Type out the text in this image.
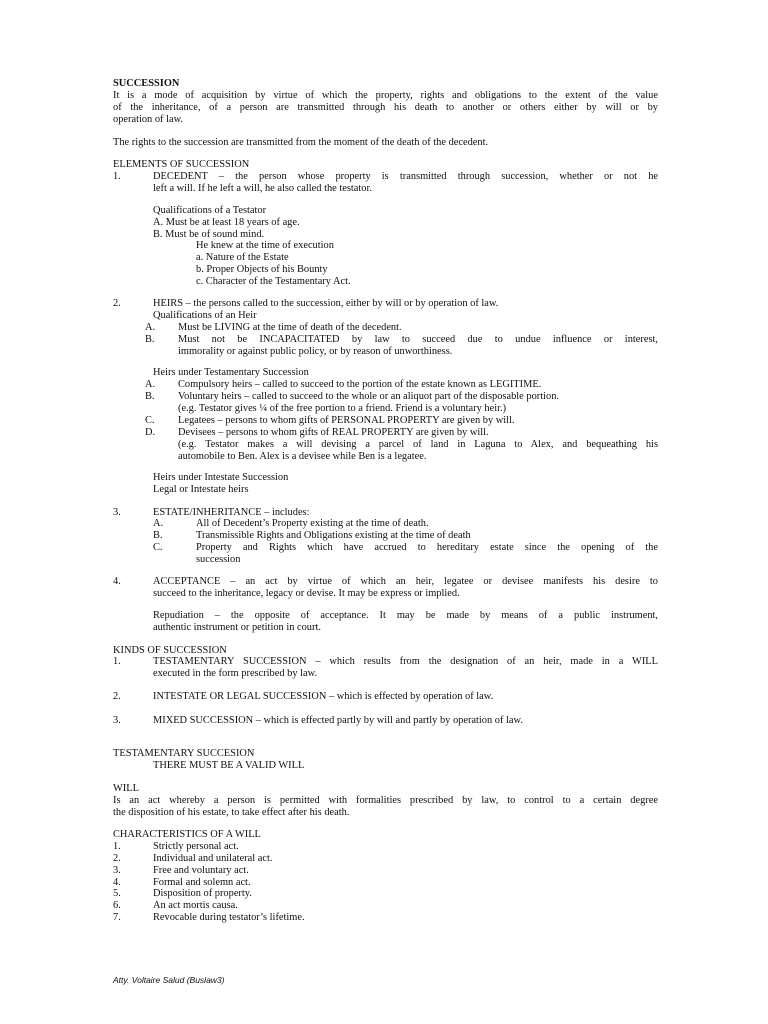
SUCCESSION
It is a mode of acquisition by virtue of which the property, rights and obligations to the extent of the value
of the inheritance, of a person are transmitted through his death to another or others either by will or by
operation of law.
The rights to the succession are transmitted from the moment of the death of the decedent.
ELEMENTS OF SUCCESSION
1.	DECEDENT – the person whose property is transmitted through succession, whether or not he
left a will. If he left a will, he also called the testator.
Qualifications of a Testator
A. Must be at least 18 years of age.
B. Must be of sound mind.
He knew at the time of execution
a. Nature of the Estate
b. Proper Objects of his Bounty
c. Character of the Testamentary Act.
2.	HEIRS – the persons called to the succession, either by will or by operation of law.
Qualifications of an Heir
A. Must be LIVING at the time of death of the decedent.
B. Must not be INCAPACITATED by law to succeed due to undue influence or interest,
immorality or against public policy, or by reason of unworthiness.
Heirs under Testamentary Succession
A. Compulsory heirs – called to succeed to the portion of the estate known as LEGITIME.
B. Voluntary heirs – called to succeed to the whole or an aliquot part of the disposable portion.
(e.g. Testator gives ¼ of the free portion to a friend. Friend is a voluntary heir.)
C. Legatees – persons to whom gifts of PERSONAL PROPERTY are given by will.
D. Devisees – persons to whom gifts of REAL PROPERTY are given by will.
(e.g. Testator makes a will devising a parcel of land in Laguna to Alex, and bequeathing his
automobile to Ben. Alex is a devisee while Ben is a legatee.
Heirs under Intestate Succession
Legal or Intestate heirs
3.	ESTATE/INHERITANCE – includes:
A.	All of Decedent’s Property existing at the time of death.
B.	Transmissible Rights and Obligations existing at the time of death
C.	Property and Rights which have accrued to hereditary estate since the opening of the
succession
4.	ACCEPTANCE – an act by virtue of which an heir, legatee or devisee manifests his desire to
succeed to the inheritance, legacy or devise. It may be express or implied.
Repudiation – the opposite of acceptance. It may be made by means of a public instrument,
authentic instrument or petition in court.
KINDS OF SUCCESSION
1.	TESTAMENTARY SUCCESSION – which results from the designation of an heir, made in a WILL
executed in the form prescribed by law.
2.	INTESTATE OR LEGAL SUCCESSION – which is effected by operation of law.
3.	MIXED SUCCESSION – which is effected partly by will and partly by operation of law.
TESTAMENTARY SUCCESION
THERE MUST BE A VALID WILL
WILL
Is an act whereby a person is permitted with formalities prescribed by law, to control to a certain degree
the disposition of his estate, to take effect after his death.
CHARACTERISTICS OF A WILL
1.	Strictly personal act.
2.	Individual and unilateral act.
3.	Free and voluntary act.
4.	Formal and solemn act.
5.	Disposition of property.
6.	An act mortis causa.
7.	Revocable during testator’s lifetime.
Atty. Voltaire Salud (Buslaw3)
